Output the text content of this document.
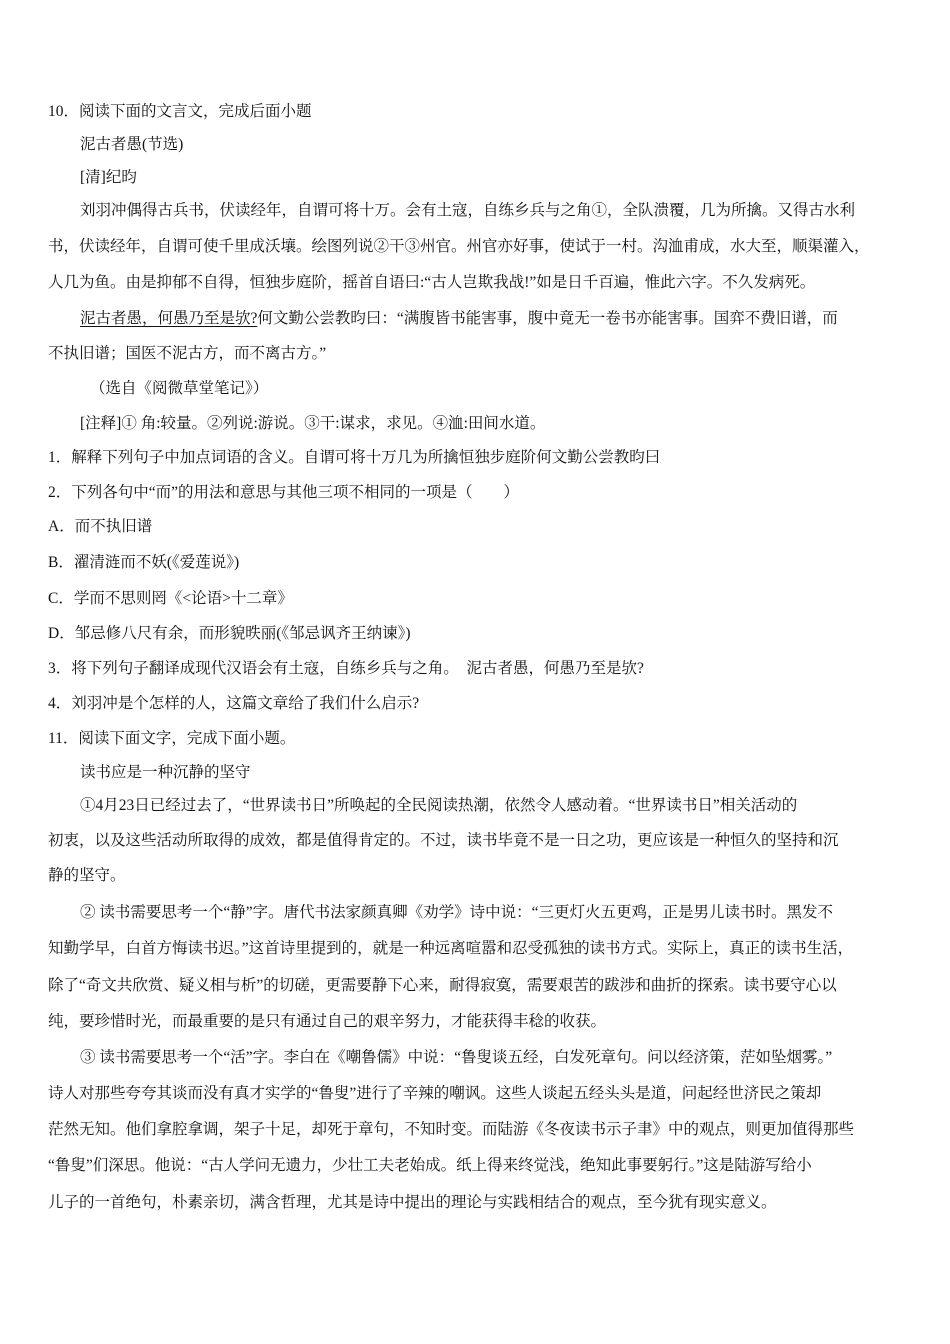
10．阅读下面的文言文，完成后面小题
泥古者愚(节选)
[清]纪昀
刘羽冲偶得古兵书，伏读经年，自谓可将十万。会有土寇，自练乡兵与之角①，全队溃覆，几为所擒。又得古水利
书，伏读经年，自谓可使千里成沃壤。绘图列说②干③州官。州官亦好事，使试于一村。沟洫甫成，水大至，顺渠灌入，
人几为鱼。由是抑郁不自得，恒独步庭阶，摇首自语曰:“古人岂欺我战!”如是日千百遍，惟此六字。不久发病死。
泥古者愚，何愚乃至是欤?何文勤公尝教昀曰：“满腹皆书能害事，腹中竟无一卷书亦能害事。国弈不费旧谱，而
不执旧谱；国医不泥古方，而不离古方。”
（选自《阅微草堂笔记》）
[注释]① 角:较量。②列说:游说。③干:谋求，求见。④洫:田间水道。
1．解释下列句子中加点词语的含义。自谓可将十万几为所擒恒独步庭阶何文勤公尝教昀曰
2．下列各句中“而”的用法和意思与其他三项不相同的一项是（　　）
A．而不执旧谱
B．濯清涟而不妖(《爱莲说》)
C．学而不思则罔《<论语>十二章》
D．邹忌修八尺有余，而形貌昳丽(《邹忌讽齐王纳谏》)
3．将下列句子翻译成现代汉语会有土寇，自练乡兵与之角。　泥古者愚，何愚乃至是欤?
4．刘羽冲是个怎样的人，这篇文章给了我们什么启示?
11．阅读下面文字，完成下面小题。
读书应是一种沉静的坚守
①4月23日已经过去了，“世界读书日”所唤起的全民阅读热潮，依然令人感动着。“世界读书日”相关活动的
初衷，以及这些活动所取得的成效，都是值得肯定的。不过，读书毕竟不是一日之功，更应该是一种恒久的坚持和沉
静的坚守。
② 读书需要思考一个“静”字。唐代书法家颜真卿《劝学》诗中说：“三更灯火五更鸡，正是男儿读书时。黑发不
知勤学早，白首方悔读书迟。”这首诗里提到的，就是一种远离喧嚣和忍受孤独的读书方式。实际上，真正的读书生活，
除了“奇文共欣赏、疑义相与析”的切磋，更需要静下心来，耐得寂寞，需要艰苦的跋涉和曲折的探索。读书要守心以
纯，要珍惜时光，而最重要的是只有通过自己的艰辛努力，才能获得丰稔的收获。
③ 读书需要思考一个“活”字。李白在《嘲鲁儒》中说：“鲁叟谈五经，白发死章句。问以经济策，茫如坠烟雾。”
诗人对那些夸夸其谈而没有真才实学的“鲁叟”进行了辛辣的嘲讽。这些人谈起五经头头是道，问起经世济民之策却
茫然无知。他们拿腔拿调，架子十足，却死于章句，不知时变。而陆游《冬夜读书示子聿》中的观点，则更加值得那些
“鲁叟”们深思。他说：“古人学问无遗力，少壮工夫老始成。纸上得来终觉浅，绝知此事要躬行。”这是陆游写给小
儿子的一首绝句，朴素亲切，满含哲理，尤其是诗中提出的理论与实践相结合的观点，至今犹有现实意义。
